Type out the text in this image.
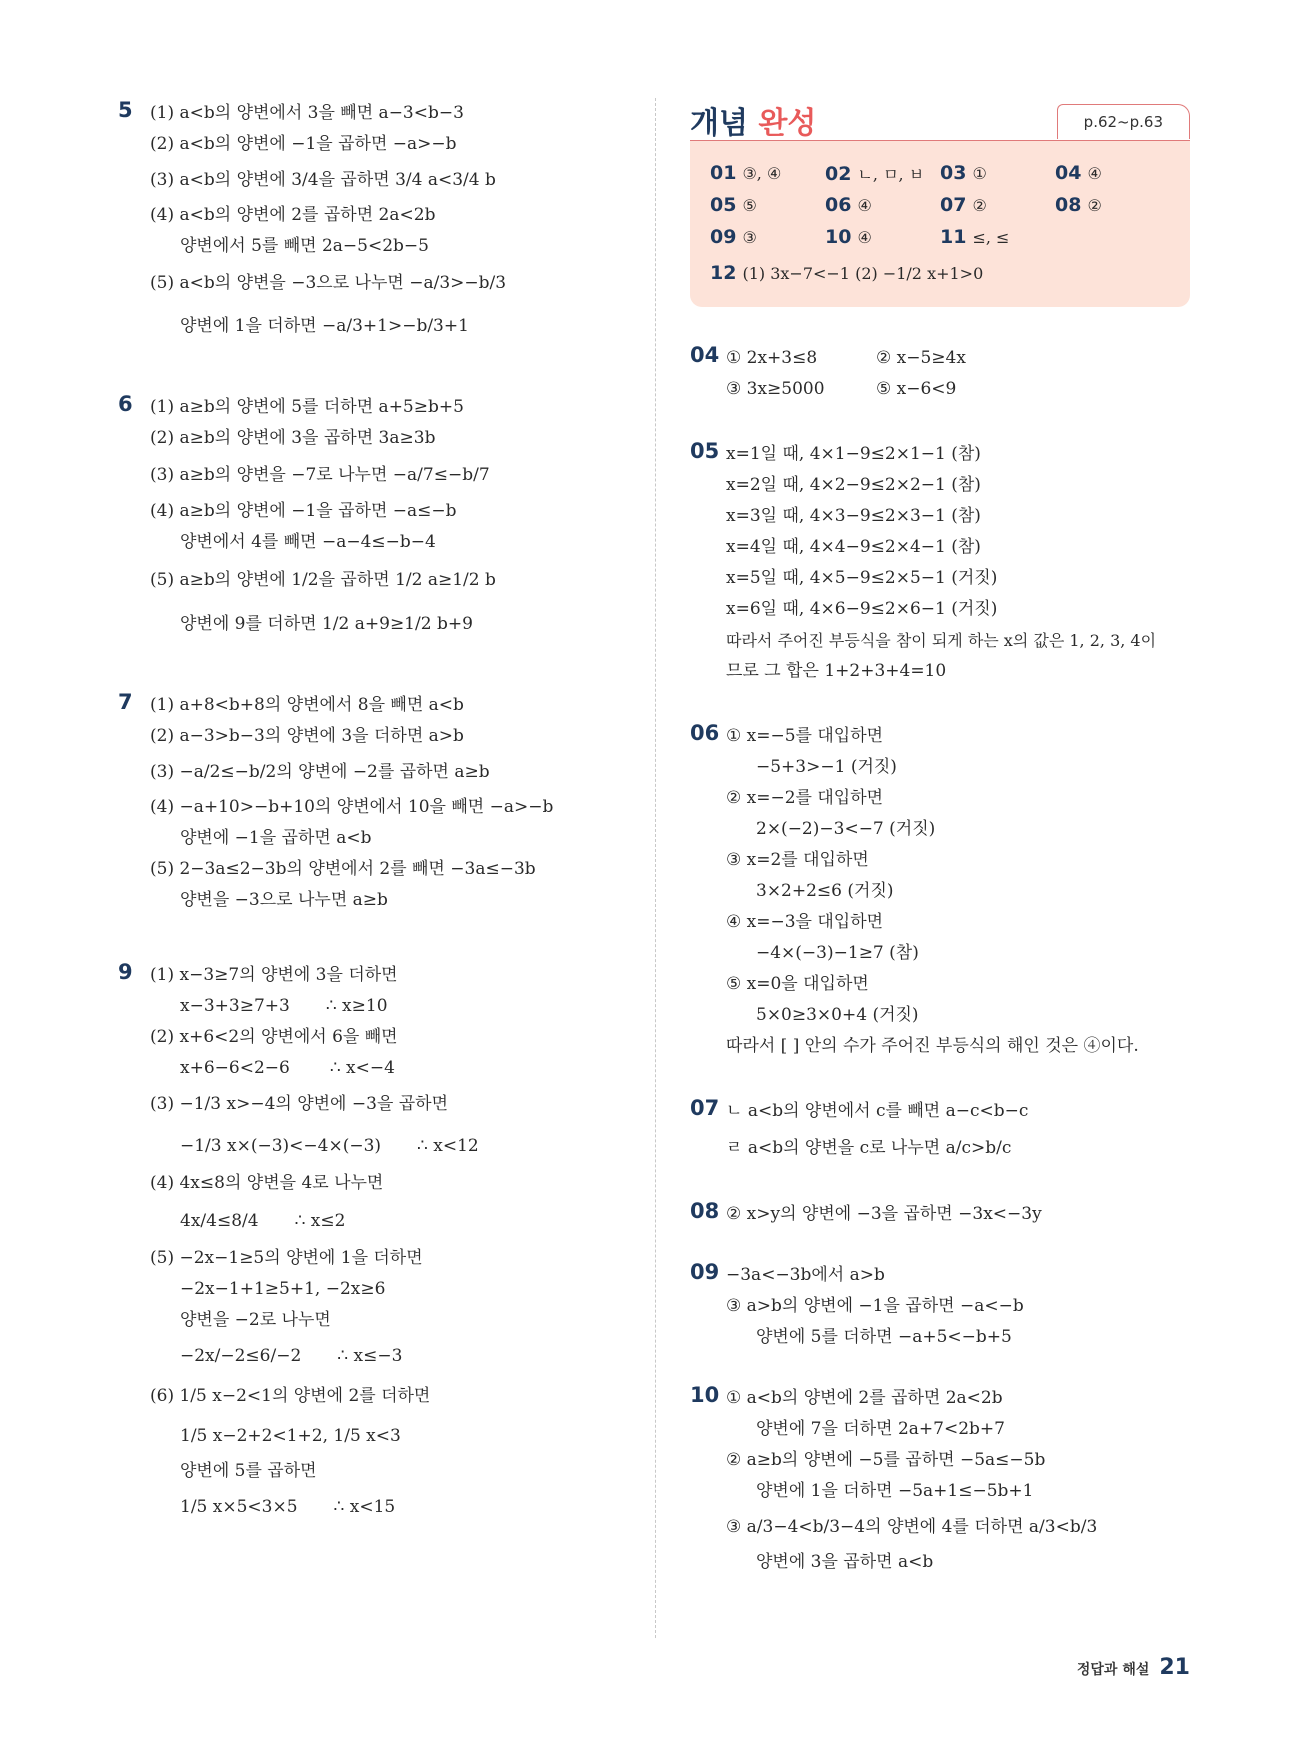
5 (1) a<b의 양변에서 3을 빼면 a−3<b−3
(2) a<b의 양변에 −1을 곱하면 −a>−b
(3) a<b의 양변에 3/4을 곱하면 3/4 a<3/4 b
(4) a<b의 양변에 2를 곱하면 2a<2b
양변에서 5를 빼면 2a−5<2b−5
(5) a<b의 양변을 −3으로 나누면 −a/3>−b/3
양변에 1을 더하면 −a/3+1>−b/3+1
6 (1) a≥b의 양변에 5를 더하면 a+5≥b+5
(2) a≥b의 양변에 3을 곱하면 3a≥3b
(3) a≥b의 양변을 −7로 나누면 −a/7≤−b/7
(4) a≥b의 양변에 −1을 곱하면 −a≤−b
양변에서 4를 빼면 −a−4≤−b−4
(5) a≥b의 양변에 1/2을 곱하면 1/2 a≥1/2 b
양변에 9를 더하면 1/2 a+9≥1/2 b+9
7 (1) a+8<b+8의 양변에서 8을 빼면 a<b
(2) a−3>b−3의 양변에 3을 더하면 a>b
(3) −a/2≤−b/2의 양변에 −2를 곱하면 a≥b
(4) −a+10>−b+10의 양변에서 10을 빼면 −a>−b
양변에 −1을 곱하면 a<b
(5) 2−3a≤2−3b의 양변에서 2를 빼면 −3a≤−3b
양변을 −3으로 나누면 a≥b
9 (1) x−3≥7의 양변에 3을 더하면
x−3+3≥7+3 ∴ x≥10
(2) x+6<2의 양변에서 6을 빼면
x+6−6<2−6 ∴ x<−4
(3) −1/3 x>−4의 양변에 −3을 곱하면
−1/3 x×(−3)<−4×(−3) ∴ x<12
(4) 4x≤8의 양변을 4로 나누면
4x/4≤8/4 ∴ x≤2
(5) −2x−1≥5의 양변에 1을 더하면
−2x−1+1≥5+1, −2x≥6
양변을 −2로 나누면
−2x/−2≤6/−2 ∴ x≤−3
(6) 1/5 x−2<1의 양변에 2를 더하면
1/5 x−2+2<1+2, 1/5 x<3
양변에 5를 곱하면
1/5 x×5<3×5 ∴ x<15
개념 완성	p.62~p.63
01 ③, ④	02 ㄴ, ㅁ, ㅂ 03 ①	04 ④
05 ⑤	06 ④	07 ②	08 ②
09 ③	10 ④	11 ≤, ≤
12 (1) 3x−7<−1 (2) −1/2 x+1>0
04 ① 2x+3≤8	② x−5≥4x
③ 3x≥5000	⑤ x−6<9
05 x=1일 때, 4×1−9≤2×1−1 (참)
x=2일 때, 4×2−9≤2×2−1 (참)
x=3일 때, 4×3−9≤2×3−1 (참)
x=4일 때, 4×4−9≤2×4−1 (참)
x=5일 때, 4×5−9≤2×5−1 (거짓)
x=6일 때, 4×6−9≤2×6−1 (거짓)
따라서 주어진 부등식을 참이 되게 하는 x의 값은 1, 2, 3, 4이
므로 그 합은 1+2+3+4=10
06 ① x=−5를 대입하면
−5+3>−1 (거짓)
② x=−2를 대입하면
2×(−2)−3<−7 (거짓)
③ x=2를 대입하면
3×2+2≤6 (거짓)
④ x=−3을 대입하면
−4×(−3)−1≥7 (참)
⑤ x=0을 대입하면
5×0≥3×0+4 (거짓)
따라서 [ ] 안의 수가 주어진 부등식의 해인 것은 ④이다.
07 ㄴ a<b의 양변에서 c를 빼면 a−c<b−c
ㄹ a<b의 양변을 c로 나누면 a/c>b/c
08 ② x>y의 양변에 −3을 곱하면 −3x<−3y
09 −3a<−3b에서 a>b
③ a>b의 양변에 −1을 곱하면 −a<−b
양변에 5를 더하면 −a+5<−b+5
10 ① a<b의 양변에 2를 곱하면 2a<2b
양변에 7을 더하면 2a+7<2b+7
② a≥b의 양변에 −5를 곱하면 −5a≤−5b
양변에 1을 더하면 −5a+1≤−5b+1
③ a/3−4<b/3−4의 양변에 4를 더하면 a/3<b/3
양변에 3을 곱하면 a<b
정답과 해설 21
